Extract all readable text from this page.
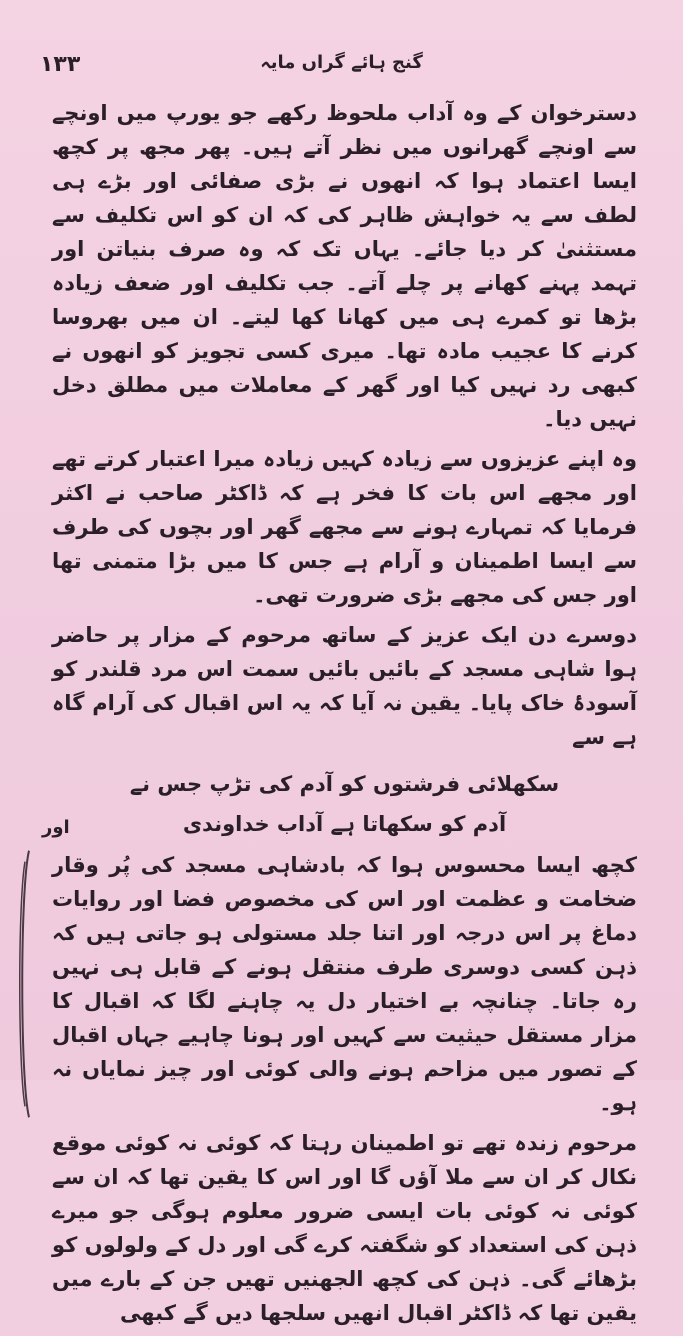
۱۳۳	گنج ہائے گراں مایہ

دسترخوان کے وہ آداب ملحوظ رکھے جو یورپ میں اونچے سے اونچے گھرانوں میں نظر آتے ہیں۔ پھر مجھ پر کچھ ایسا اعتماد ہوا کہ انھوں نے بڑی صفائی اور بڑے ہی لطف سے یہ خواہش ظاہر کی کہ ان کو اس تکلیف سے مستثنیٰ کر دیا جائے۔ یہاں تک کہ وہ صرف بنیاتن اور تہمد پہنے کھانے پر چلے آتے۔ جب تکلیف اور ضعف زیادہ بڑھا تو کمرے ہی میں کھانا کھا لیتے۔ ان میں بھروسا کرنے کا عجیب مادہ تھا۔ میری کسی تجویز کو انھوں نے کبھی رد نہیں کیا اور گھر کے معاملات میں مطلق دخل نہیں دیا۔

وہ اپنے عزیزوں سے زیادہ کہیں زیادہ میرا اعتبار کرتے تھے اور مجھے اس بات کا فخر ہے کہ ڈاکٹر صاحب نے اکثر فرمایا کہ تمہارے ہونے سے مجھے گھر اور بچوں کی طرف سے ایسا اطمینان و آرام ہے جس کا میں بڑا متمنی تھا اور جس کی مجھے بڑی ضرورت تھی۔

دوسرے دن ایک عزیز کے ساتھ مرحوم کے مزار پر حاضر ہوا شاہی مسجد کے بائیں بائیں سمت اس مرد قلندر کو آسودۂ خاک پایا۔ یقین نہ آیا کہ یہ اس اقبال کی آرام گاہ ہے سے

سکھلائی فرشتوں کو آدم کی تڑپ جس نے
آدم کو سکھاتا ہے آداب خداوندی
اور

کچھ ایسا محسوس ہوا کہ بادشاہی مسجد کی پُر وقار ضخامت و عظمت اور اس کی مخصوص فضا اور روایات دماغ پر اس درجہ اور اتنا جلد مستولی ہو جاتی ہیں کہ ذہن کسی دوسری طرف منتقل ہونے کے قابل ہی نہیں رہ جاتا۔ چنانچہ بے اختیار دل یہ چاہنے لگا کہ اقبال کا مزار مستقل حیثیت سے کہیں اور ہونا چاہیے جہاں اقبال کے تصور میں مزاحم ہونے والی کوئی اور چیز نمایاں نہ ہو۔

مرحوم زندہ تھے تو اطمینان رہتا کہ کوئی نہ کوئی موقع نکال کر ان سے ملا آؤں گا اور اس کا یقین تھا کہ ان سے کوئی نہ کوئی بات ایسی ضرور معلوم ہوگی جو میرے ذہن کی استعداد کو شگفتہ کرے گی اور دل کے ولولوں کو بڑھائے گی۔ ذہن کی کچھ الجھنیں تھیں جن کے بارے میں یقین تھا کہ ڈاکٹر اقبال انھیں سلجھا دیں گے کبھی
